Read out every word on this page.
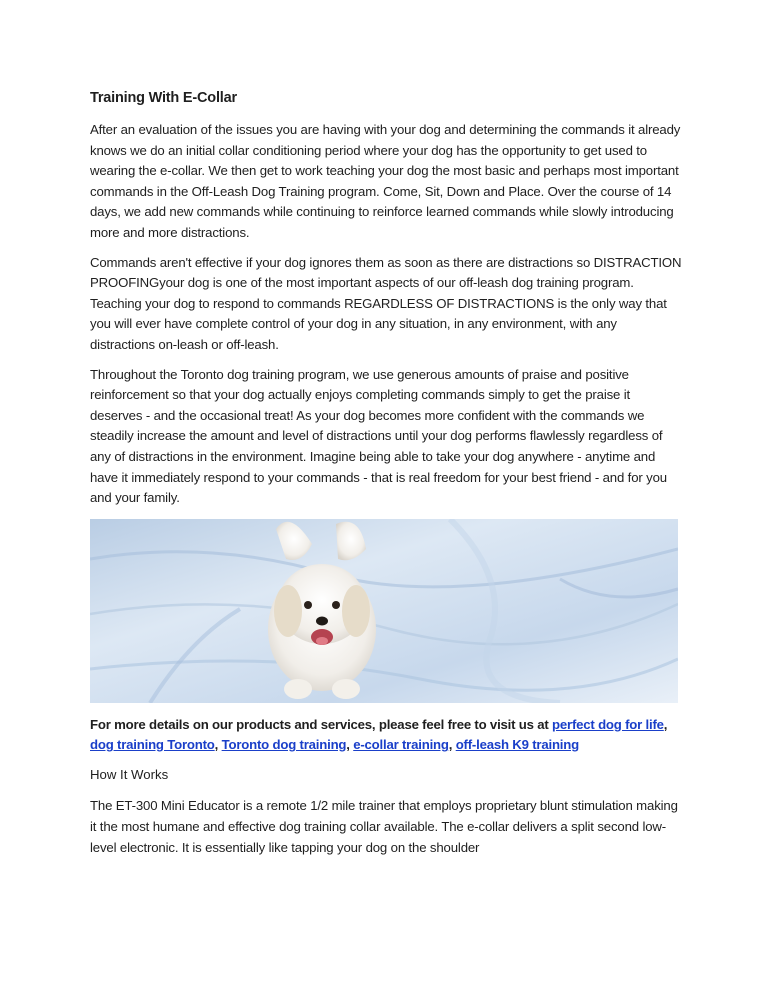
Training With E-Collar

After an evaluation of the issues you are having with your dog and determining the commands it already knows we do an initial collar conditioning period where your dog has the opportunity to get used to wearing the e-collar. We then get to work teaching your dog the most basic and perhaps most important commands in the Off-Leash Dog Training program. Come, Sit, Down and Place. Over the course of 14 days, we add new commands while continuing to reinforce learned commands while slowly introducing more and more distractions.

Commands aren't effective if your dog ignores them as soon as there are distractions so DISTRACTION PROOFINGyour dog is one of the most important aspects of our off-leash dog training program. Teaching your dog to respond to commands REGARDLESS OF DISTRACTIONS is the only way that you will ever have complete control of your dog in any situation, in any environment, with any distractions on-leash or off-leash.

Throughout the Toronto dog training program, we use generous amounts of praise and positive reinforcement so that your dog actually enjoys completing commands simply to get the praise it deserves - and the occasional treat! As your dog becomes more confident with the commands we steadily increase the amount and level of distractions until your dog performs flawlessly regardless of any of distractions in the environment. Imagine being able to take your dog anywhere - anytime and have it immediately respond to your commands - that is real freedom for your best friend - and for you and your family.

For more details on our products and services, please feel free to visit us at perfect dog for life, dog training Toronto, Toronto dog training, e-collar training, off-leash K9 training

How It Works

The ET-300 Mini Educator is a remote 1/2 mile trainer that employs proprietary blunt stimulation making it the most humane and effective dog training collar available. The e-collar delivers a split second low-level electronic. It is essentially like tapping your dog on the shoulder
